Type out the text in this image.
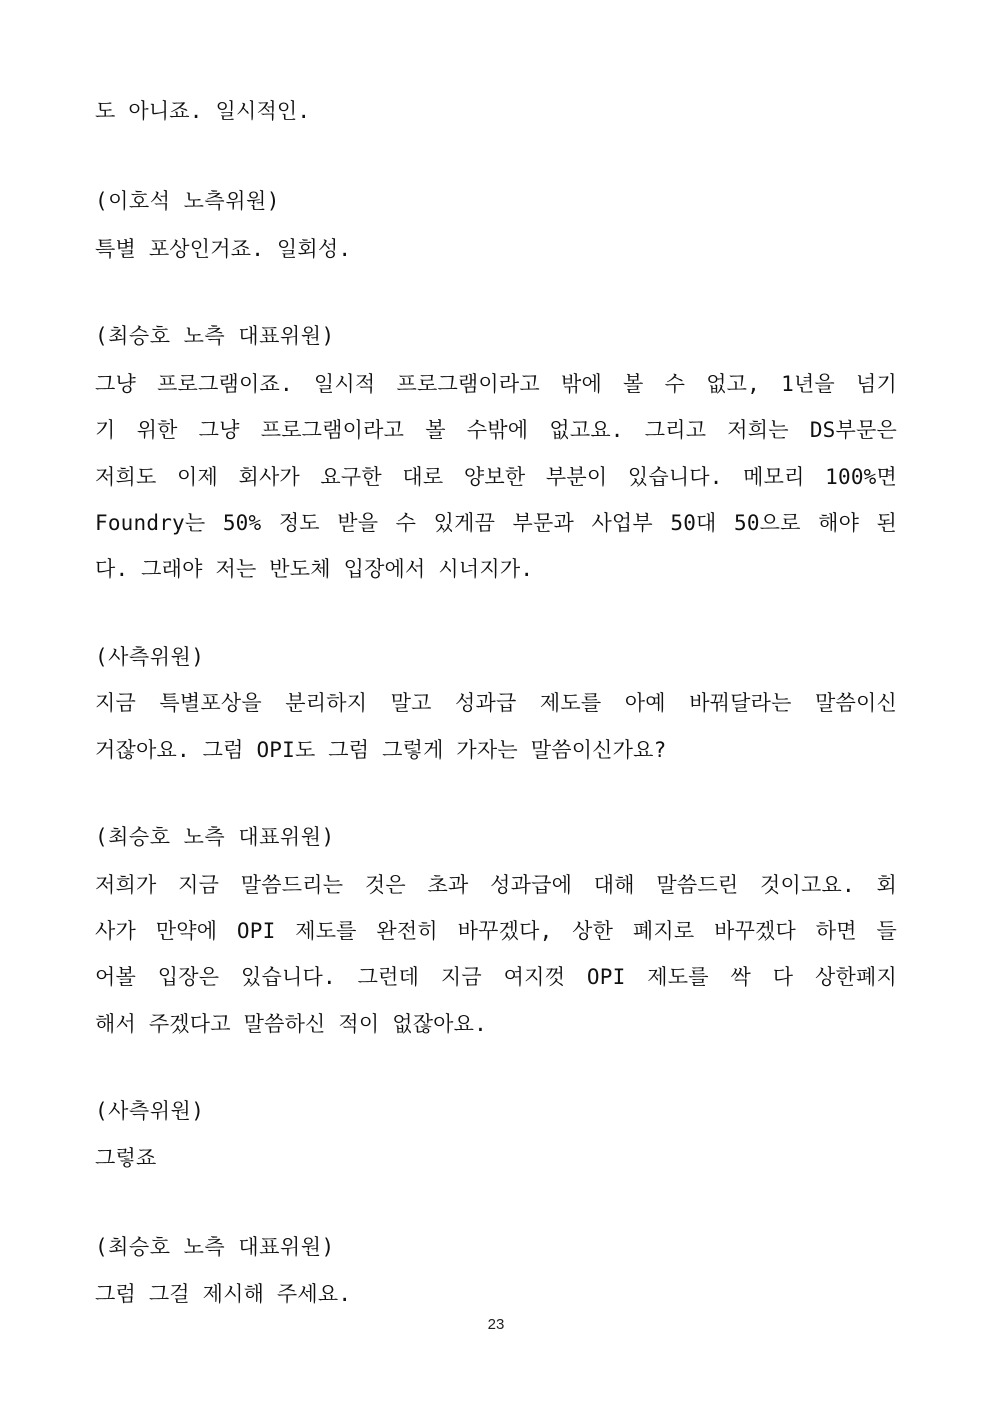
도 아니죠. 일시적인.
(이호석 노측위원)
특별 포상인거죠. 일회성.
(최승호 노측 대표위원)
그냥 프로그램이죠. 일시적 프로그램이라고 밖에 볼 수 없고, 1년을 넘기
기 위한 그냥 프로그램이라고 볼 수밖에 없고요. 그리고 저희는 DS부문은
저희도 이제 회사가 요구한 대로 양보한 부분이 있습니다. 메모리 100%면
Foundry는 50% 정도 받을 수 있게끔 부문과 사업부 50대 50으로 해야 된
다. 그래야 저는 반도체 입장에서 시너지가.
(사측위원)
지금 특별포상을 분리하지 말고 성과급 제도를 아예 바꿔달라는 말씀이신
거잖아요. 그럼 OPI도 그럼 그렇게 가자는 말씀이신가요?
(최승호 노측 대표위원)
저희가 지금 말씀드리는 것은 초과 성과급에 대해 말씀드린 것이고요. 회
사가 만약에 OPI 제도를 완전히 바꾸겠다, 상한 폐지로 바꾸겠다 하면 들
어볼 입장은 있습니다. 그런데 지금 여지껏 OPI 제도를 싹 다 상한폐지
해서 주겠다고 말씀하신 적이 없잖아요.
(사측위원)
그렇죠
(최승호 노측 대표위원)
그럼 그걸 제시해 주세요.
23
